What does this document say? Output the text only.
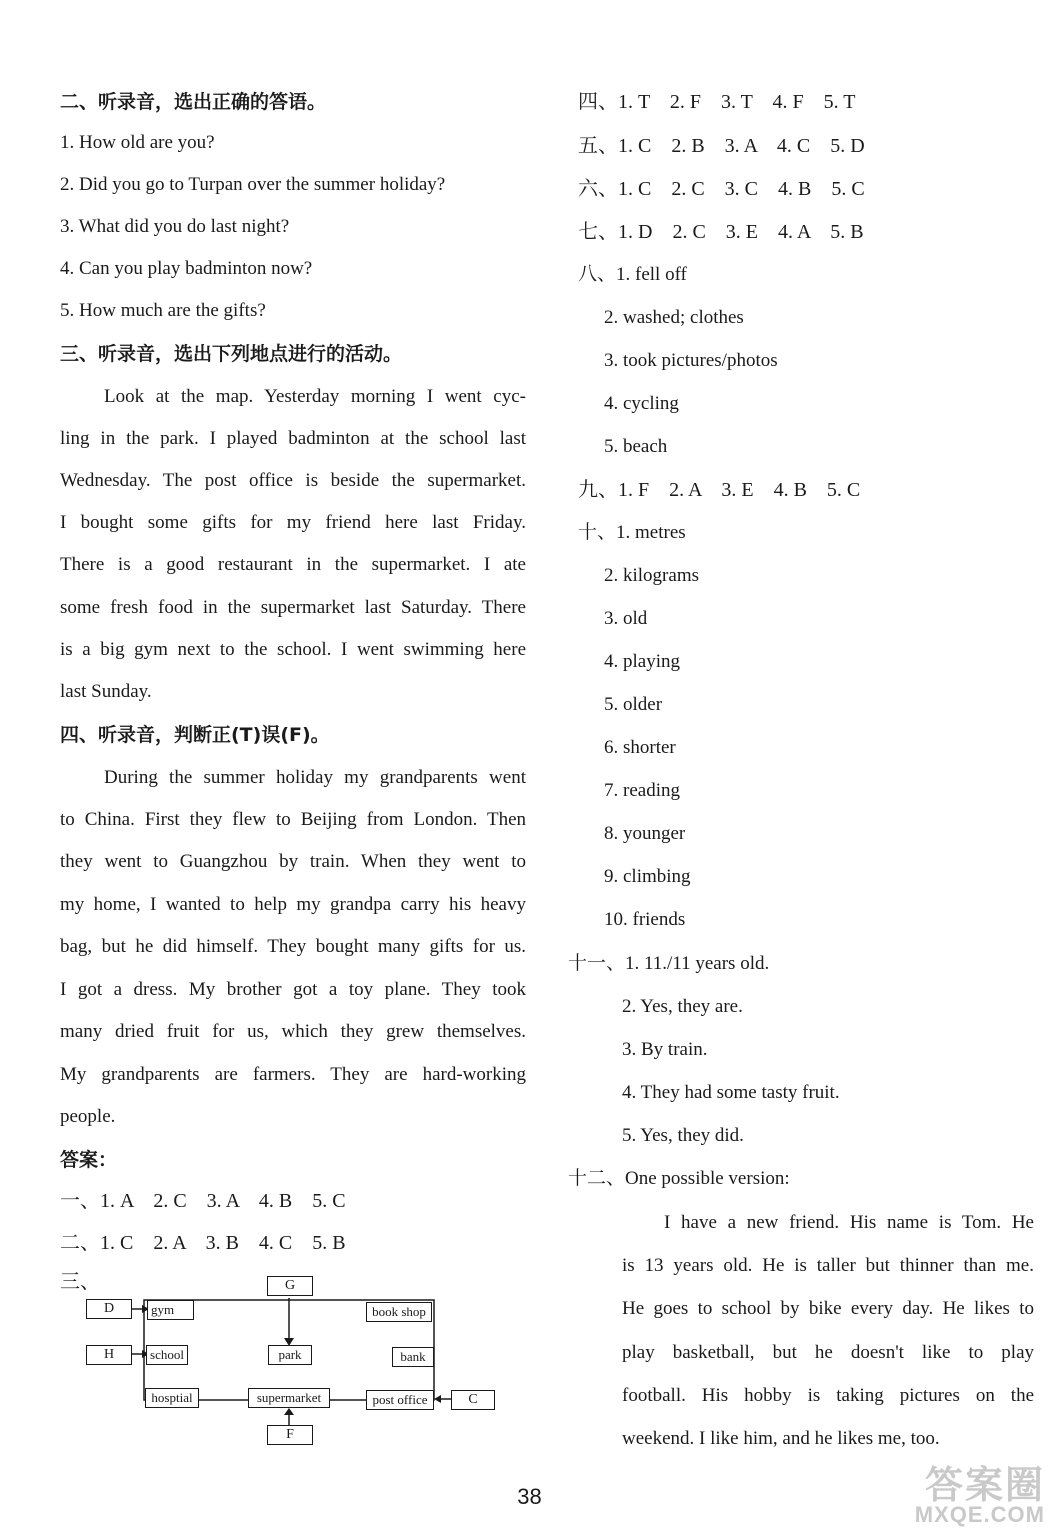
二、听录音，选出正确的答语。
1. How old are you?
2. Did you go to Turpan over the summer holiday?
3. What did you do last night?
4. Can you play badminton now?
5. How much are the gifts?
三、听录音，选出下列地点进行的活动。
Look at the map. Yesterday morning I went cyc-
ling in the park. I played badminton at the school last
Wednesday. The post office is beside the supermarket.
I bought some gifts for my friend here last Friday.
There is a good restaurant in the supermarket. I ate
some fresh food in the supermarket last Saturday. There
is a big gym next to the school. I went swimming here
last Sunday.
四、听录音，判断正(T)误(F)。
During the summer holiday my grandparents went
to China. First they flew to Beijing from London. Then
they went to Guangzhou by train. When they went to
my home, I wanted to help my grandpa carry his heavy
bag, but he did himself. They bought many gifts for us.
I got a dress. My brother got a toy plane. They took
many dried fruit for us, which they grew themselves.
My grandparents are farmers. They are hard-working
people.
答案：
一、1. A　2. C　3. A　4. B　5. C
二、1. C　2. A　3. B　4. C　5. B
三、
gym	book shop
school	park	bank
hosptial	supermarket	post office
D
H
G
F
C
四、1. T　2. F　3. T　4. F　5. T
五、1. C　2. B　3. A　4. C　5. D
六、1. C　2. C　3. C　4. B　5. C
七、1. D　2. C　3. E　4. A　5. B
八、1. fell off
2. washed; clothes
3. took pictures/photos
4. cycling
5. beach
九、1. F　2. A　3. E　4. B　5. C
十、1. metres
2. kilograms
3. old
4. playing
5. older
6. shorter
7. reading
8. younger
9. climbing
10. friends
十一、1. 11./11 years old.
2. Yes, they are.
3. By train.
4. They had some tasty fruit.
5. Yes, they did.
十二、One possible version:
I have a new friend. His name is Tom. He
is 13 years old. He is taller but thinner than me.
He goes to school by bike every day. He likes to
play basketball, but he doesn't like to play
football. His hobby is taking pictures on the
weekend. I like him, and he likes me, too.
38	答案圈
MXQE.COM
